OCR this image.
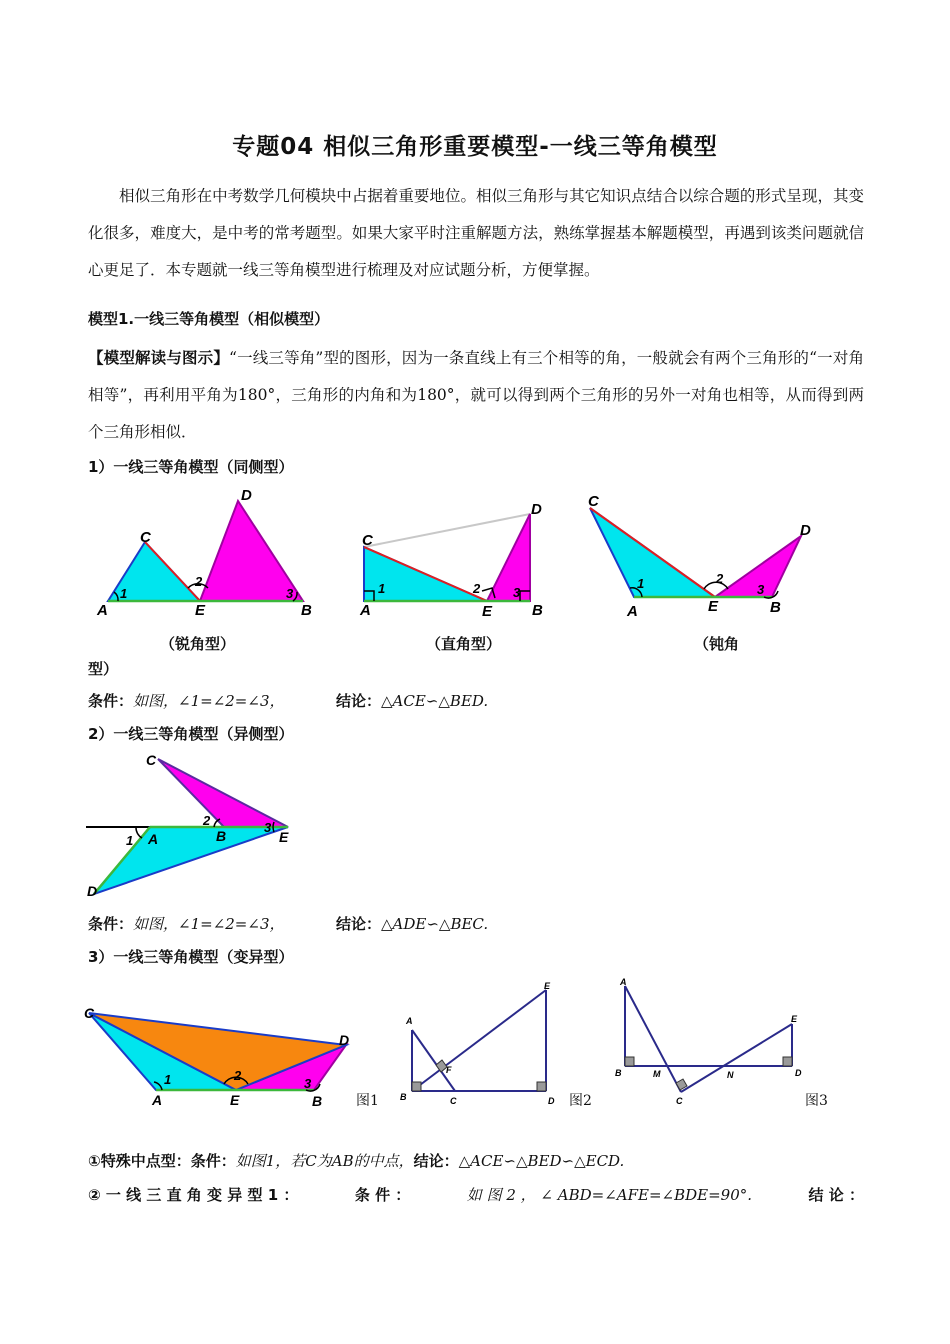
专题04 相似三角形重要模型-一线三等角模型
相似三角形在中考数学几何模块中占据着重要地位。相似三角形与其它知识点结合以综合题的形式呈现，其变化很多，难度大，是中考的常考题型。如果大家平时注重解题方法，熟练掌握基本解题模型，再遇到该类问题就信心更足了．本专题就一线三等角模型进行梳理及对应试题分析，方便掌握。
模型1.一线三等角模型（相似模型）
【模型解读与图示】“一线三等角”型的图形，因为一条直线上有三个相等的角，一般就会有两个三角形的“一对角相等”，再利用平角为180°，三角形的内角和为180°，就可以得到两个三角形的另外一对角也相等，从而得到两个三角形相似．
1）一线三等角模型（同侧型）
A
C
E
D
B
1
2
3
A
C
E
D
B
1	2	3
A
C
E
D
B
1	2
3
（锐角型）	（直角型）	（钝角
型）
条件：如图，∠1=∠2=∠3，	结论：△ACE∽△BED.
2）一线三等角模型（异侧型）
C
A	B	E
D
1
2	3
条件：如图，∠1=∠2=∠3，	结论：△ADE∽△BEC.
3）一线三等角模型（变异型）
C
A	E	B
D
1	2
3
图1
A
B	C	D
E
F
图2
A
B	M	N
C
D
E
图3
①特殊中点型：条件：如图1，若C为AB的中点，结论：△ACE∽△BED∽△ECD.
② 一 线 三 直 角 变 异 型 1 ：	条 件 ：	如 图 2 ， ∠ ABD=∠AFE=∠BDE=90°.	结 论 ：
